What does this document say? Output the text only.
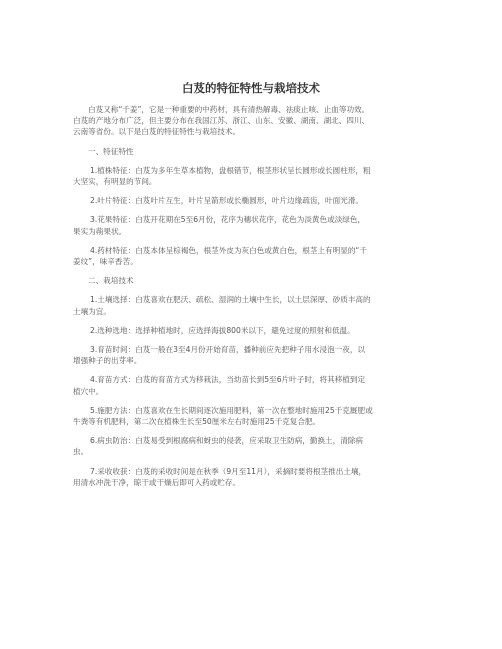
白芨的特征特性与栽培技术

白芨又称“千姜”，它是一种重要的中药材，具有清热解毒、祛痰止咳、止血等功效。
白芨的产地分布广泛，但主要分布在我国江苏、浙江、山东、安徽、湖南、湖北、四川、
云南等省份。以下是白芨的特征特性与栽培技术。

一、特征特性

1.植株特征：白芨为多年生草本植物，盘根错节，根茎形状呈长圆形或长圆柱形，粗
大坚实，有明显的节间。

2.叶片特征：白芨叶片互生，叶片呈箭形或长椭圆形，叶片边缘疏齿，叶面光滑。

3.花果特征：白芨开花期在5至6月份，花序为穗状花序，花色为淡黄色或淡绿色，
果实为蒴果状。

4.药材特征：白芨本体呈棕褐色，根茎外皮为灰白色或黄白色，根茎上有明显的“千
姜纹”，味辛香苦。

二、栽培技术

1.土壤选择：白芨喜欢在肥沃、疏松、湿润的土壤中生长，以土层深厚、砂质丰高的
土壤为宜。

2.选种选地：选择种植地时，应选择海拔800米以下，避免过度的照射和低温。

3.育苗时间：白芨一般在3至4月份开始育苗，播种前应先把种子用水浸泡一夜，以
增强种子的出芽率。

4.育苗方式：白芨的育苗方式为移栽法，当幼苗长到5至6片叶子时，将其移植到定
植穴中。

5.施肥方法：白芨喜欢在生长期间逐次施用肥料，第一次在整地时施用25千克厩肥或
牛粪等有机肥料，第二次在植株生长至50厘米左右时施用25千克复合肥。

6.病虫防治：白芨易受到根腐病和蚜虫的侵袭，应采取卫生防病，勤换土，清除病
虫。

7.采收收获：白芨的采收时间是在秋季（9月至11月），采摘时要将根茎推出土壤，
用清水冲洗干净，晾干或干燥后即可入药或贮存。
